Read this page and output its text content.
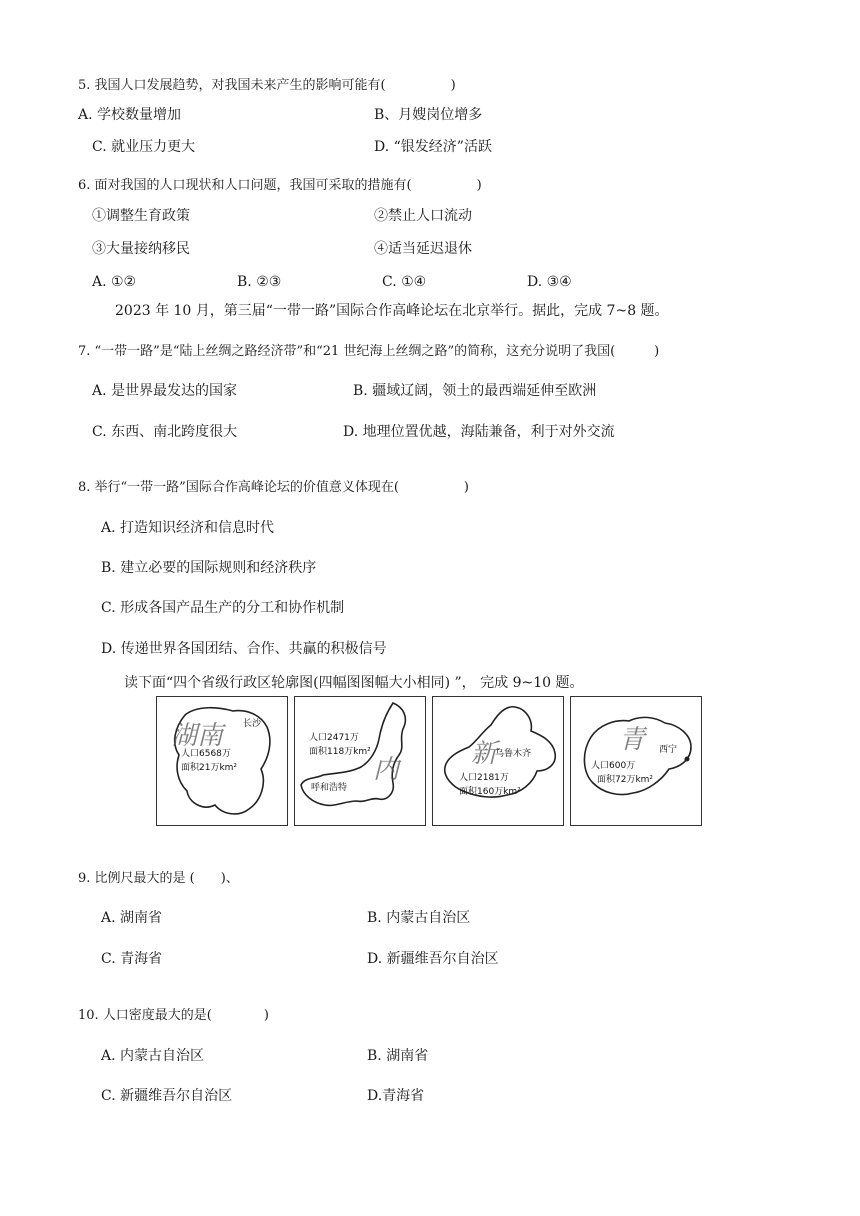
5. 我国人口发展趋势，对我国未来产生的影响可能有(　　　　　)
A. 学校数量增加	B、月嫂岗位增多
C. 就业压力更大	D. “银发经济”活跃
6. 面对我国的人口现状和人口问题，我国可采取的措施有(　　　　　)
①调整生育政策	②禁止人口流动
③大量接纳移民	④适当延迟退休
A. ①②	B. ②③	C. ①④	D. ③④
2023 年 10 月，第三届“一带一路”国际合作高峰论坛在北京举行。据此，完成 7~8 题。
7. “一带一路”是“陆上丝绸之路经济带”和“21 世纪海上丝绸之路”的简称，这充分说明了我国(　　　)
A. 是世界最发达的国家	B. 疆域辽阔，领土的最西端延伸至欧洲
C. 东西、南北跨度很大	D. 地理位置优越，海陆兼备，利于对外交流
8. 举行“一带一路”国际合作高峰论坛的价值意义体现在(　　　　　)
A. 打造知识经济和信息时代
B. 建立必要的国际规则和经济秩序
C. 形成各国产品生产的分工和协作机制
D. 传递世界各国团结、合作、共赢的积极信号
读下面“四个省级行政区轮廓图(四幅图图幅大小相同) ”， 完成 9~10 题。
湖南 长沙
人口6568万
面积21万km²	内
人口2471万
面积118万km²
呼和浩特
新
乌鲁木齐
人口2181万
面积160万km²
青 西宁
人口600万
面积72万km²
9. 比例尺最大的是 (　　)、
A. 湖南省	B. 内蒙古自治区
C. 青海省	D. 新疆维吾尔自治区
10. 人口密度最大的是(　　　　)
A. 内蒙古自治区	B. 湖南省
C. 新疆维吾尔自治区	D.青海省
